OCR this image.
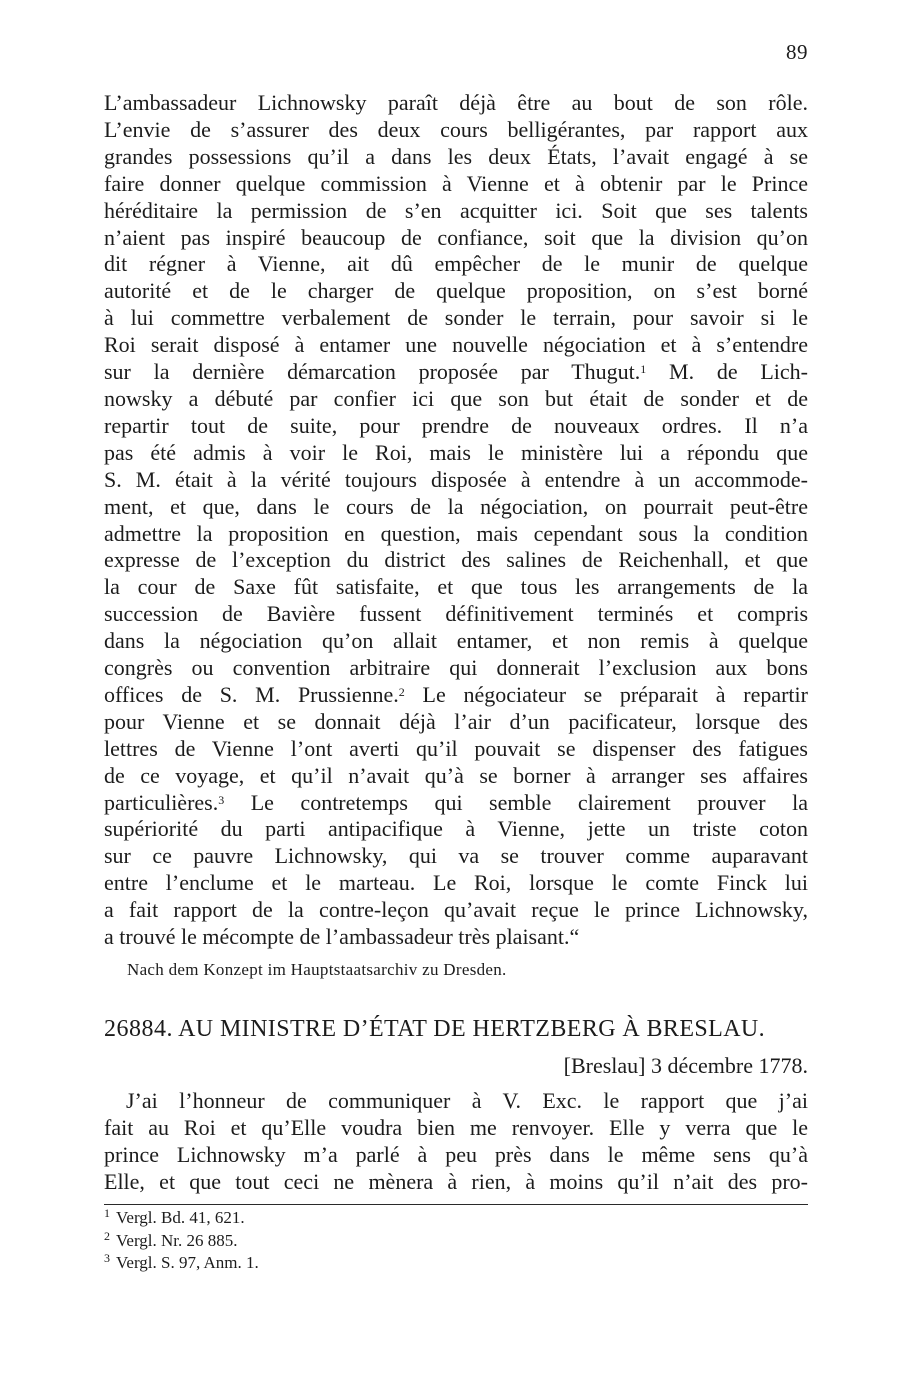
89
L’ambassadeur Lichnowsky paraît déjà être au bout de son rôle.
L’envie de s’assurer des deux cours belligérantes, par rapport aux
grandes possessions qu’il a dans les deux États, l’avait engagé à se
faire donner quelque commission à Vienne et à obtenir par le Prince
héréditaire la permission de s’en acquitter ici. Soit que ses talents
n’aient pas inspiré beaucoup de confiance, soit que la division qu’on
dit régner à Vienne, ait dû empêcher de le munir de quelque
autorité et de le charger de quelque proposition, on s’est borné
à lui commettre verbalement de sonder le terrain, pour savoir si le
Roi serait disposé à entamer une nouvelle négociation et à s’entendre
sur la dernière démarcation proposée par Thugut.$^1$ M. de Lich-
nowsky a débuté par confier ici que son but était de sonder et de
repartir tout de suite, pour prendre de nouveaux ordres. Il n’a
pas été admis à voir le Roi, mais le ministère lui a répondu que
S. M. était à la vérité toujours disposée à entendre à un accommode-
ment, et que, dans le cours de la négociation, on pourrait peut-être
admettre la proposition en question, mais cependant sous la condition
expresse de l’exception du district des salines de Reichenhall, et que
la cour de Saxe fût satisfaite, et que tous les arrangements de la
succession de Bavière fussent définitivement terminés et compris
dans la négociation qu’on allait entamer, et non remis à quelque
congrès ou convention arbitraire qui donnerait l’exclusion aux bons
offices de S. M. Prussienne.$^2$ Le négociateur se préparait à repartir
pour Vienne et se donnait déjà l’air d’un pacificateur, lorsque des
lettres de Vienne l’ont averti qu’il pouvait se dispenser des fatigues
de ce voyage, et qu’il n’avait qu’à se borner à arranger ses affaires
particulières.$^3$ Le contretemps qui semble clairement prouver la
supériorité du parti antipacifique à Vienne, jette un triste coton
sur ce pauvre Lichnowsky, qui va se trouver comme auparavant
entre l’enclume et le marteau. Le Roi, lorsque le comte Finck lui
a fait rapport de la contre-leçon qu’avait reçue le prince Lichnowsky,
a trouvé le mécompte de l’ambassadeur très plaisant.“
Nach dem Konzept im Hauptstaatsarchiv zu Dresden.
26884. AU MINISTRE D’ÉTAT DE HERTZBERG À BRESLAU.
[Breslau] 3 décembre 1778.
J’ai l’honneur de communiquer à V. Exc. le rapport que j’ai
fait au Roi et qu’Elle voudra bien me renvoyer. Elle y verra que le
prince Lichnowsky m’a parlé à peu près dans le même sens qu’à
Elle, et que tout ceci ne mènera à rien, à moins qu’il n’ait des pro-
$^1$ Vergl. Bd. 41, 621.
$^2$ Vergl. Nr. 26 885.
$^3$ Vergl. S. 97, Anm. 1.
